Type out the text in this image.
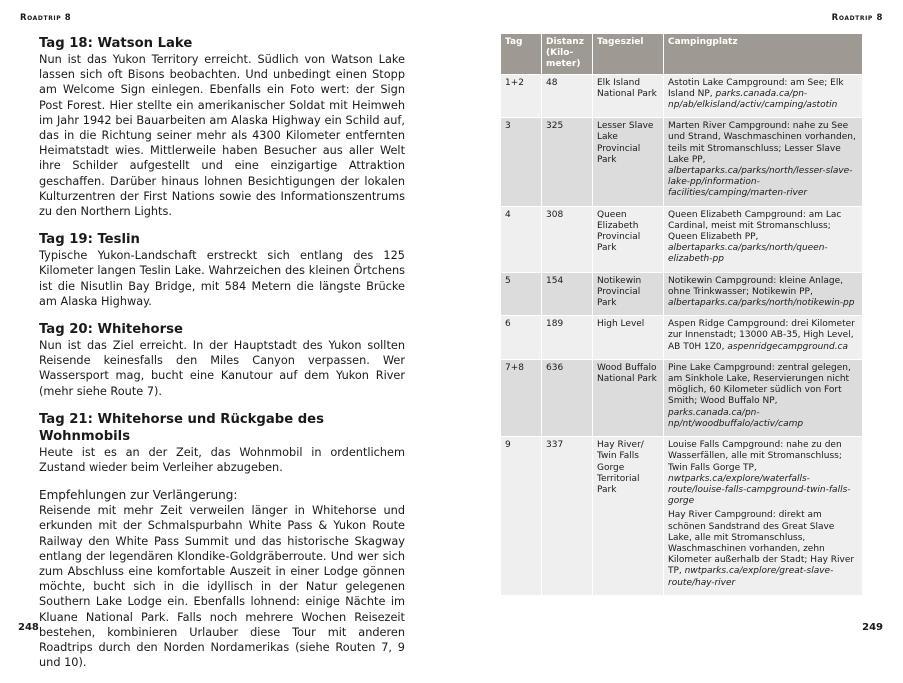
Roadtrip 8	Roadtrip 8
Tag 18: Watson Lake

Nun ist das Yukon Territory erreicht. Südlich von Watson Lake lassen sich oft Bisons beobachten. Und unbedingt einen Stopp am Welcome Sign einlegen. Ebenfalls ein Foto wert: der Sign Post Forest. Hier stellte ein amerikanischer Soldat mit Heimweh im Jahr 1942 bei Bauarbeiten am Alaska Highway ein Schild auf, das in die Richtung seiner mehr als 4300 Kilometer entfernten Heimatstadt wies. Mittlerweile haben Besucher aus aller Welt ihre Schilder aufgestellt und eine einzigartige Attraktion geschaffen. Darüber hinaus lohnen Besichtigungen der lokalen Kulturzentren der First Nations sowie des Informationszentrums zu den Northern Lights.

Tag 19: Teslin

Typische Yukon-Landschaft erstreckt sich entlang des 125 Kilometer langen Teslin Lake. Wahrzeichen des kleinen Örtchens ist die Nisutlin Bay Bridge, mit 584 Metern die längste Brücke am Alaska Highway.

Tag 20: Whitehorse

Nun ist das Ziel erreicht. In der Hauptstadt des Yukon sollten Reisende keinesfalls den Miles Canyon verpassen. Wer Wassersport mag, bucht eine Kanutour auf dem Yukon River (mehr siehe Route 7).

Tag 21: Whitehorse und Rückgabe des Wohnmobils

Heute ist es an der Zeit, das Wohnmobil in ordentlichem Zustand wieder beim Verleiher abzugeben.

Empfehlungen zur Verlängerung:

Reisende mit mehr Zeit verweilen länger in Whitehorse und erkunden mit der Schmalspurbahn White Pass & Yukon Route Railway den White Pass Summit und das historische Skagway entlang der legendären Klondike-Goldgräberroute. Und wer sich zum Abschluss eine komfortable Auszeit in einer Lodge gönnen möchte, bucht sich in die idyllisch in der Natur gelegenen Southern Lake Lodge ein. Ebenfalls lohnend: einige Nächte im Kluane National Park. Falls noch mehrere Wochen Reisezeit bestehen, kombinieren Urlauber diese Tour mit anderen Roadtrips durch den Norden Nordamerikas (siehe Routen 7, 9 und 10).

Tag	Distanz (Kilo-meter)	Tagesziel	Campingplatz
1+2	48	Elk Island National Park	Astotin Lake Campground: am See; Elk Island NP, parks.canada.ca/pn-np/ab/elkisland/activ/camping/astotin

3	325	Lesser Slave Lake Provincial Park	Marten River Campground: nahe zu See und Strand, Waschmaschinen vorhanden, teils mit Stromanschluss; Lesser Slave Lake PP, albertaparks.ca/parks/north/lesser-slave-lake-pp/information-facilities/camping/marten-river

4	308	Queen Elizabeth Provincial Park	Queen Elizabeth Campground: am Lac Cardinal, meist mit Stromanschluss; Queen Elizabeth PP, albertaparks.ca/parks/north/queen-elizabeth-pp

5	154	Notikewin Provincial Park	Notikewin Campground: kleine Anlage, ohne Trinkwasser; Notikewin PP, albertaparks.ca/parks/north/notikewin-pp

6	189	High Level	Aspen Ridge Campground: drei Kilometer zur Innenstadt; 13000 AB-35, High Level, AB T0H 1Z0, aspenridgecampground.ca

7+8	636	Wood Buffalo National Park	Pine Lake Campground: zentral gelegen, am Sinkhole Lake, Reservierungen nicht möglich, 60 Kilometer südlich von Fort Smith; Wood Buffalo NP, parks.canada.ca/pn-np/nt/woodbuffalo/activ/camp

9	337	Hay River/ Twin Falls Gorge Territorial Park	Louise Falls Campground: nahe zu den Wasserfällen, alle mit Stromanschluss; Twin Falls Gorge TP, nwtparks.ca/explore/waterfalls-route/louise-falls-campground-twin-falls-gorge
Hay River Campground: direkt am schönen Sandstrand des Great Slave Lake, alle mit Stromanschluss, Waschmaschinen vorhanden, zehn Kilometer außerhalb der Stadt; Hay River TP, nwtparks.ca/explore/great-slave-route/hay-river
248	249
